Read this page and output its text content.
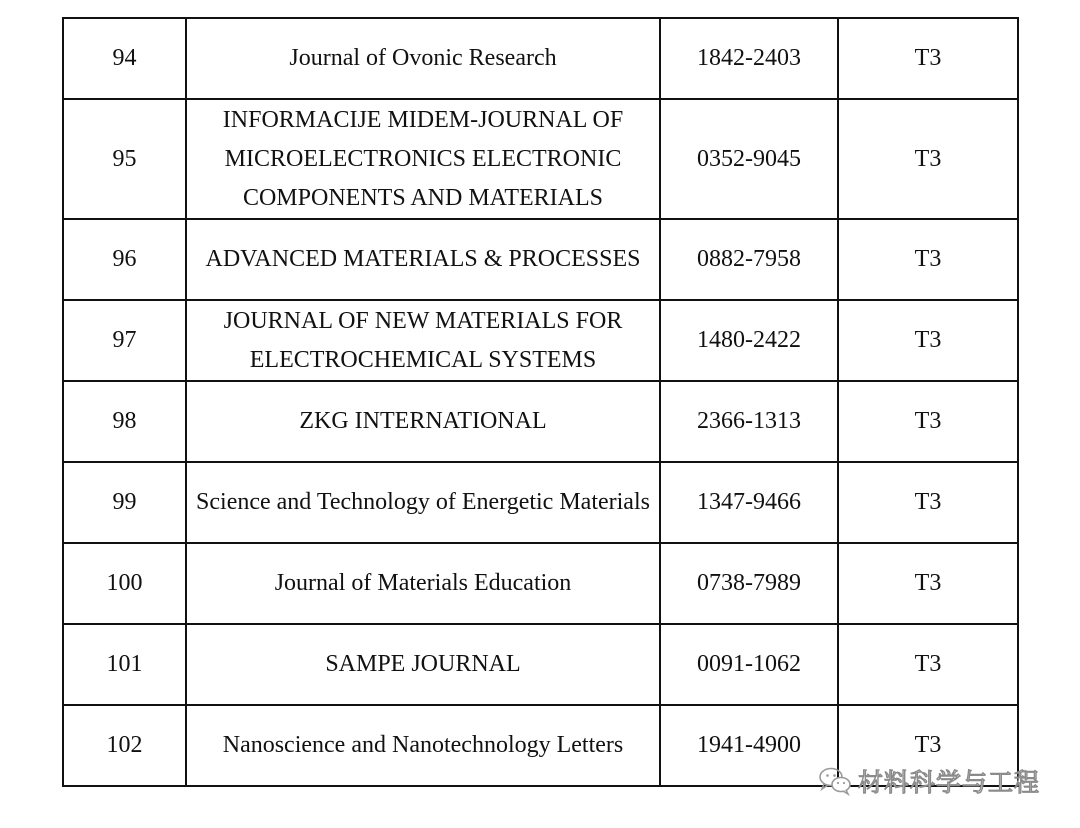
94	Journal of Ovonic Research	1842-2403	T3
95	INFORMACIJE MIDEM-JOURNAL OF MICROELECTRONICS ELECTRONIC COMPONENTS AND MATERIALS	0352-9045	T3
96	ADVANCED MATERIALS & PROCESSES	0882-7958	T3
97	JOURNAL OF NEW MATERIALS FOR ELECTROCHEMICAL SYSTEMS	1480-2422	T3
98	ZKG INTERNATIONAL	2366-1313	T3
99	Science and Technology of Energetic Materials	1347-9466	T3
100	Journal of Materials Education	0738-7989	T3
101	SAMPE JOURNAL	0091-1062	T3
102	Nanoscience and Nanotechnology Letters	1941-4900	T3
材料科学与工程
